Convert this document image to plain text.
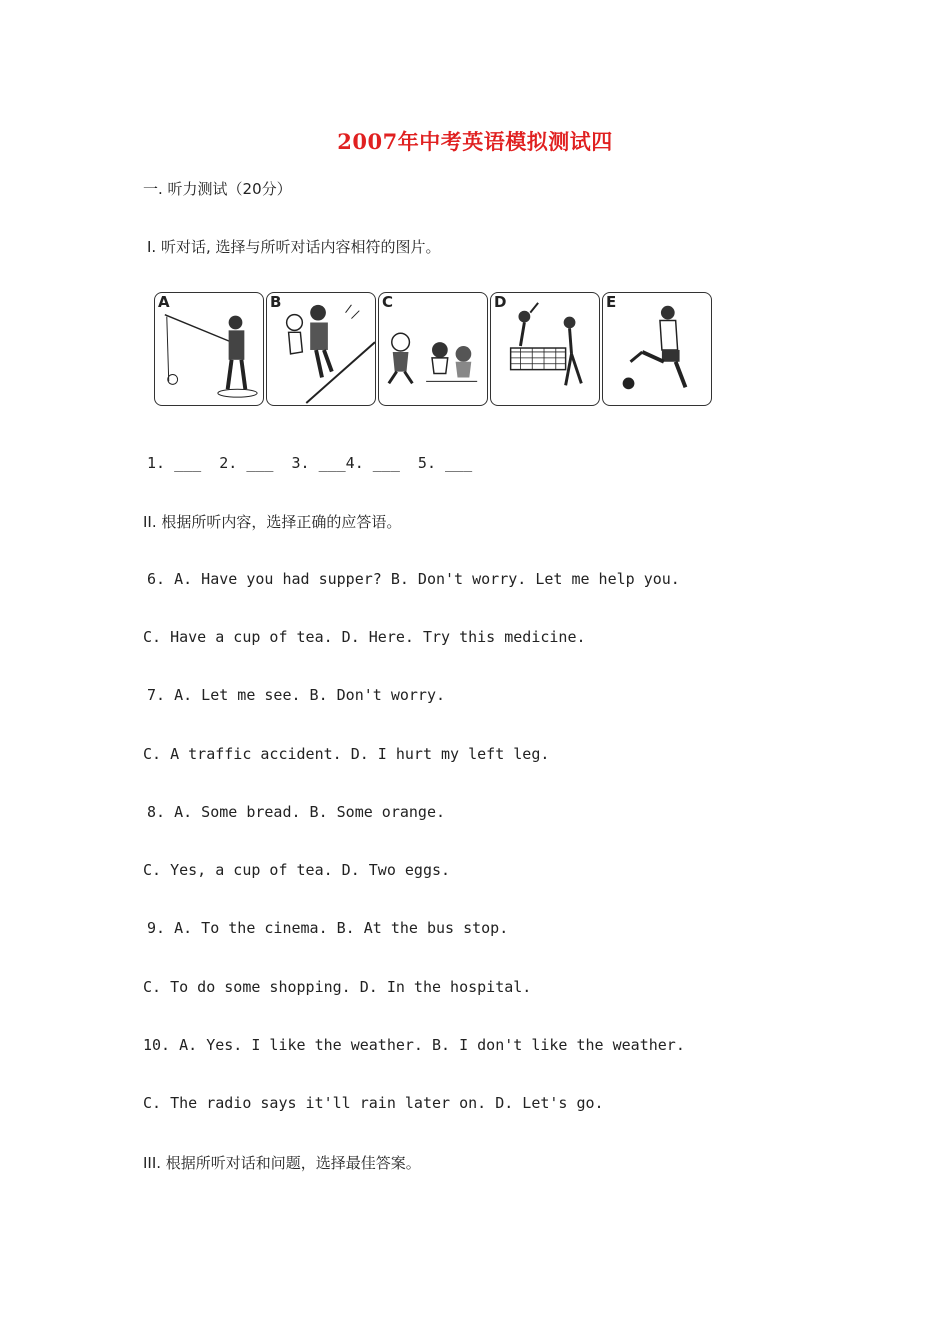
2007年中考英语模拟测试四
一. 听力测试（20分）
Ⅰ. 听对话, 选择与所听对话内容相符的图片。
A	B	C	D	E
1. ___  2. ___  3. ___4. ___  5. ___
II. 根据所听内容，选择正确的应答语。
6. A. Have you had supper? B. Don't worry. Let me help you.
C. Have a cup of tea. D. Here. Try this medicine.
7. A. Let me see. B. Don't worry.
C. A traffic accident. D. I hurt my left leg.
8. A. Some bread. B. Some orange.
C. Yes, a cup of tea. D. Two eggs.
9. A. To the cinema. B. At the bus stop.
C. To do some shopping. D. In the hospital.
10. A. Yes. I like the weather. B. I don't like the weather.
C. The radio says it'll rain later on. D. Let's go.
III. 根据所听对话和问题，选择最佳答案。
